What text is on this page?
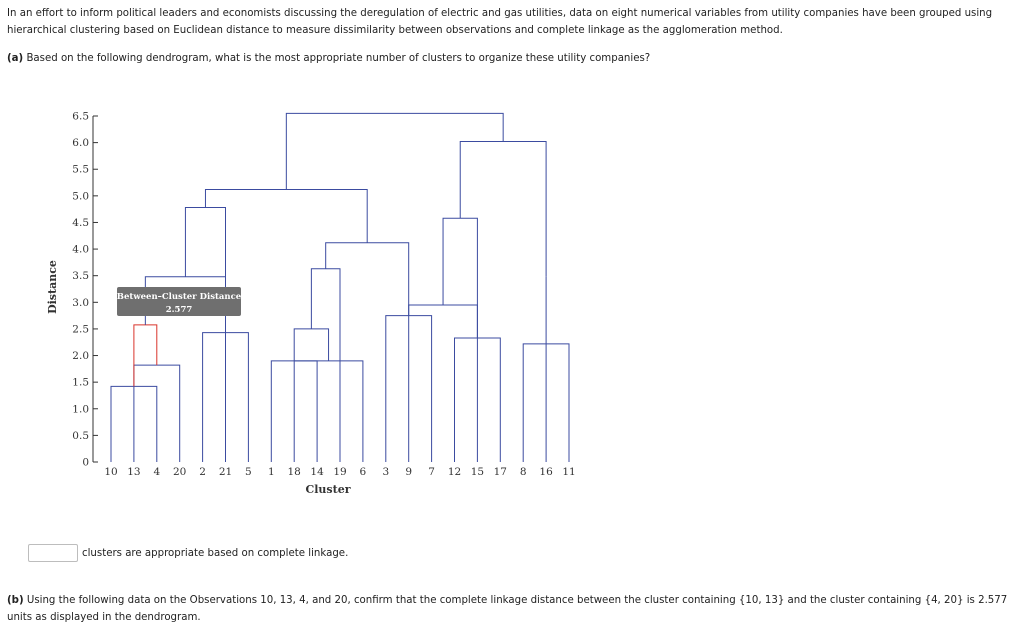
In an effort to inform political leaders and economists discussing the deregulation of electric and gas utilities, data on eight numerical variables from utility companies have been grouped using hierarchical clustering based on Euclidean distance to measure dissimilarity between observations and complete linkage as the agglomeration method.

(a) Based on the following dendrogram, what is the most appropriate number of clusters to organize these utility companies?

0
0.5
1.0
1.5
2.0
2.5
3.0
3.5
4.0
4.5
5.0
5.5
6.0
6.5
10 13 4 20 2 21 5 1 18 14 19 6 3 9 7 12 15 17 8 16 11
Distance
Cluster
Between–Cluster Distance
2.577
clusters are appropriate based on complete linkage.

(b) Using the following data on the Observations 10, 13, 4, and 20, confirm that the complete linkage distance between the cluster containing {10, 13} and the cluster containing {4, 20} is 2.577 units as displayed in the dendrogram.
